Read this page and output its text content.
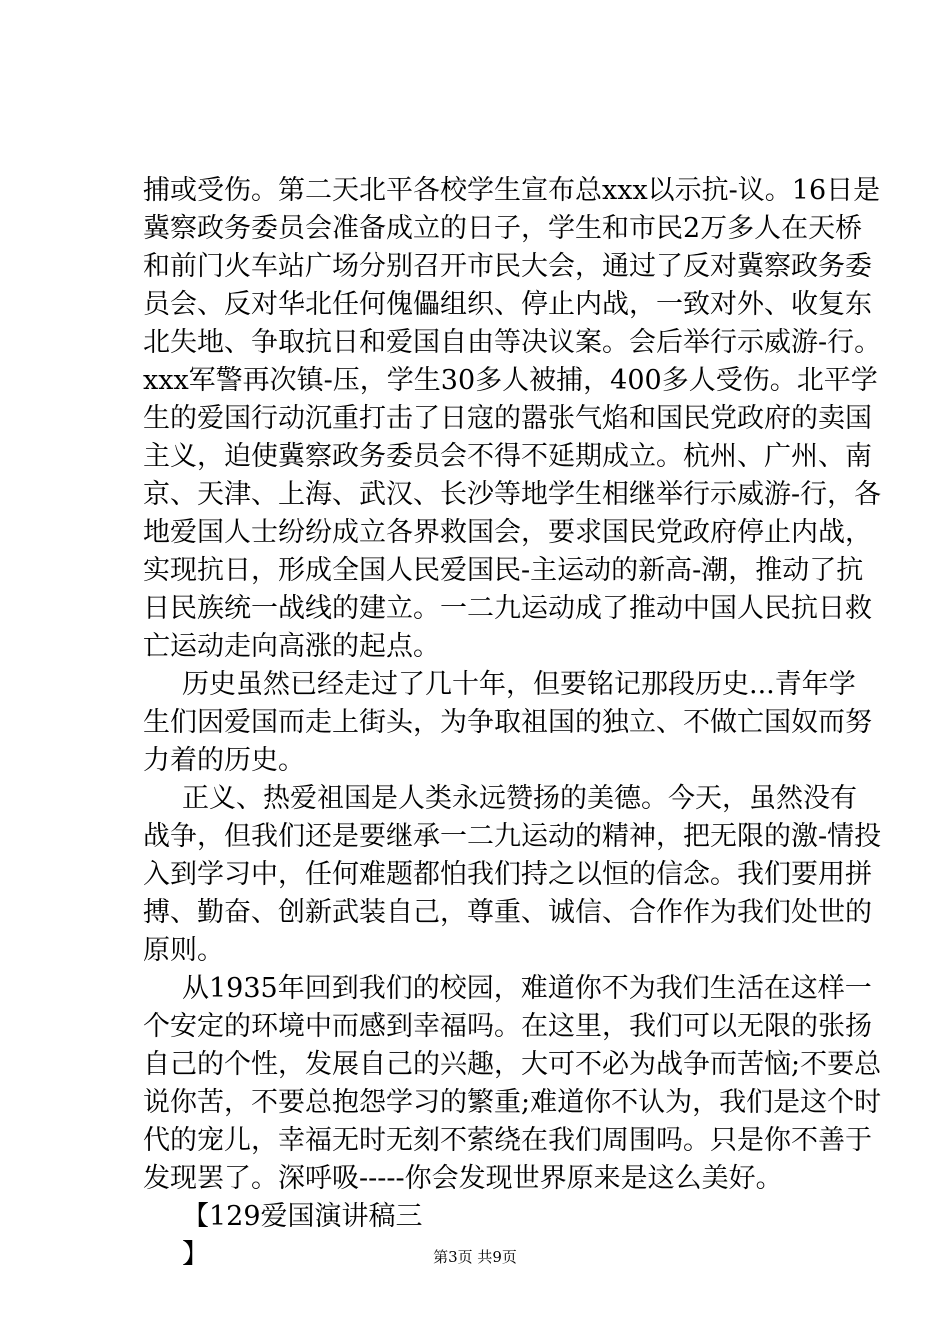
捕或受伤。第二天北平各校学生宣布总xxx以示抗-议。16日是
冀察政务委员会准备成立的日子，学生和市民2万多人在天桥
和前门火车站广场分别召开市民大会，通过了反对冀察政务委
员会、反对华北任何傀儡组织、停止内战，一致对外、收复东
北失地、争取抗日和爱国自由等决议案。会后举行示威游-行。
xxx军警再次镇-压，学生30多人被捕，400多人受伤。北平学
生的爱国行动沉重打击了日寇的嚣张气焰和国民党政府的卖国
主义，迫使冀察政务委员会不得不延期成立。杭州、广州、南
京、天津、上海、武汉、长沙等地学生相继举行示威游-行，各
地爱国人士纷纷成立各界救国会，要求国民党政府停止内战，
实现抗日，形成全国人民爱国民-主运动的新高-潮，推动了抗
日民族统一战线的建立。一二九运动成了推动中国人民抗日救
亡运动走向高涨的起点。
历史虽然已经走过了几十年，但要铭记那段历史...青年学
生们因爱国而走上街头，为争取祖国的独立、不做亡国奴而努
力着的历史。
正义、热爱祖国是人类永远赞扬的美德。今天，虽然没有
战争，但我们还是要继承一二九运动的精神，把无限的激-情投
入到学习中，任何难题都怕我们持之以恒的信念。我们要用拼
搏、勤奋、创新武装自己，尊重、诚信、合作作为我们处世的
原则。
从1935年回到我们的校园，难道你不为我们生活在这样一
个安定的环境中而感到幸福吗。在这里，我们可以无限的张扬
自己的个性，发展自己的兴趣，大可不必为战争而苦恼;不要总
说你苦，不要总抱怨学习的繁重;难道你不认为，我们是这个时
代的宠儿，幸福无时无刻不萦绕在我们周围吗。只是你不善于
发现罢了。深呼吸-----你会发现世界原来是这么美好。
【129爱国演讲稿三
】	第3页 共9页
